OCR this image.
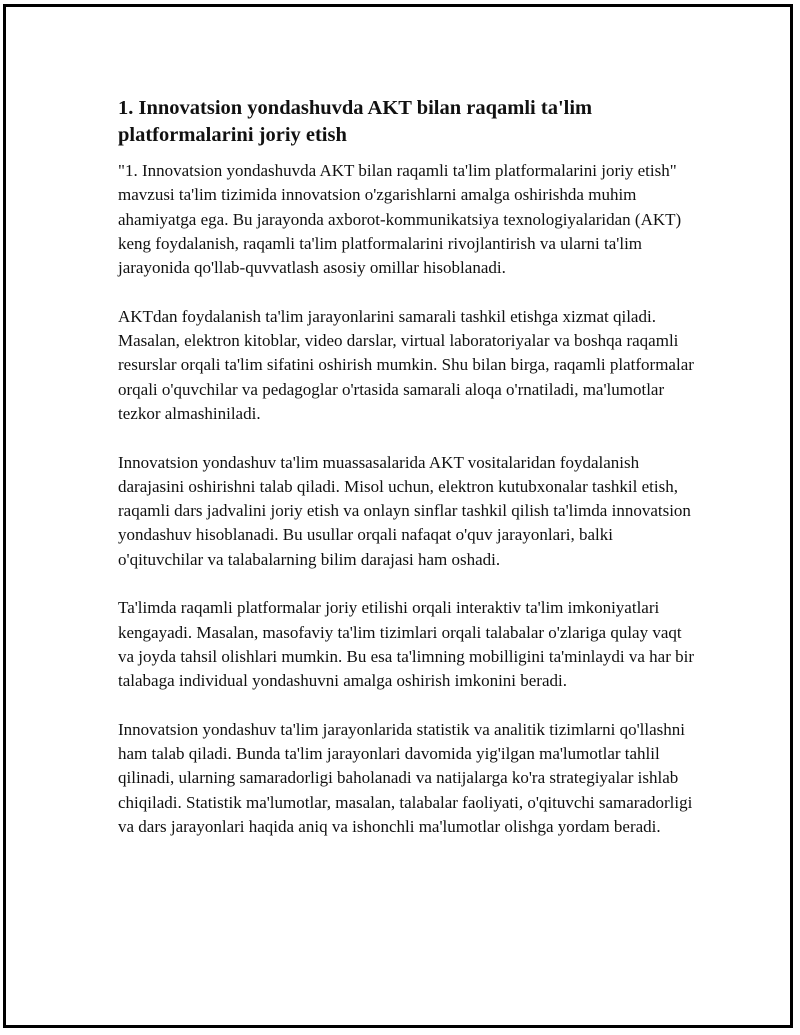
1. Innovatsion yondashuvda AKT bilan raqamli ta'lim platformalarini joriy etish

"1. Innovatsion yondashuvda AKT bilan raqamli ta'lim platformalarini joriy etish" mavzusi ta'lim tizimida innovatsion o'zgarishlarni amalga oshirishda muhim ahamiyatga ega. Bu jarayonda axborot-kommunikatsiya texnologiyalaridan (AKT) keng foydalanish, raqamli ta'lim platformalarini rivojlantirish va ularni ta'lim jarayonida qo'llab-quvvatlash asosiy omillar hisoblanadi.

AKTdan foydalanish ta'lim jarayonlarini samarali tashkil etishga xizmat qiladi. Masalan, elektron kitoblar, video darslar, virtual laboratoriyalar va boshqa raqamli resurslar orqali ta'lim sifatini oshirish mumkin. Shu bilan birga, raqamli platformalar orqali o'quvchilar va pedagoglar o'rtasida samarali aloqa o'rnatiladi, ma'lumotlar tezkor almashiniladi.

Innovatsion yondashuv ta'lim muassasalarida AKT vositalaridan foydalanish darajasini oshirishni talab qiladi. Misol uchun, elektron kutubxonalar tashkil etish, raqamli dars jadvalini joriy etish va onlayn sinflar tashkil qilish ta'limda innovatsion yondashuv hisoblanadi. Bu usullar orqali nafaqat o'quv jarayonlari, balki o'qituvchilar va talabalarning bilim darajasi ham oshadi.

Ta'limda raqamli platformalar joriy etilishi orqali interaktiv ta'lim imkoniyatlari kengayadi. Masalan, masofaviy ta'lim tizimlari orqali talabalar o'zlariga qulay vaqt va joyda tahsil olishlari mumkin. Bu esa ta'limning mobilligini ta'minlaydi va har bir talabaga individual yondashuvni amalga oshirish imkonini beradi.

Innovatsion yondashuv ta'lim jarayonlarida statistik va analitik tizimlarni qo'llashni ham talab qiladi. Bunda ta'lim jarayonlari davomida yig'ilgan ma'lumotlar tahlil qilinadi, ularning samaradorligi baholanadi va natijalarga ko'ra strategiyalar ishlab chiqiladi. Statistik ma'lumotlar, masalan, talabalar faoliyati, o'qituvchi samaradorligi va dars jarayonlari haqida aniq va ishonchli ma'lumotlar olishga yordam beradi.
